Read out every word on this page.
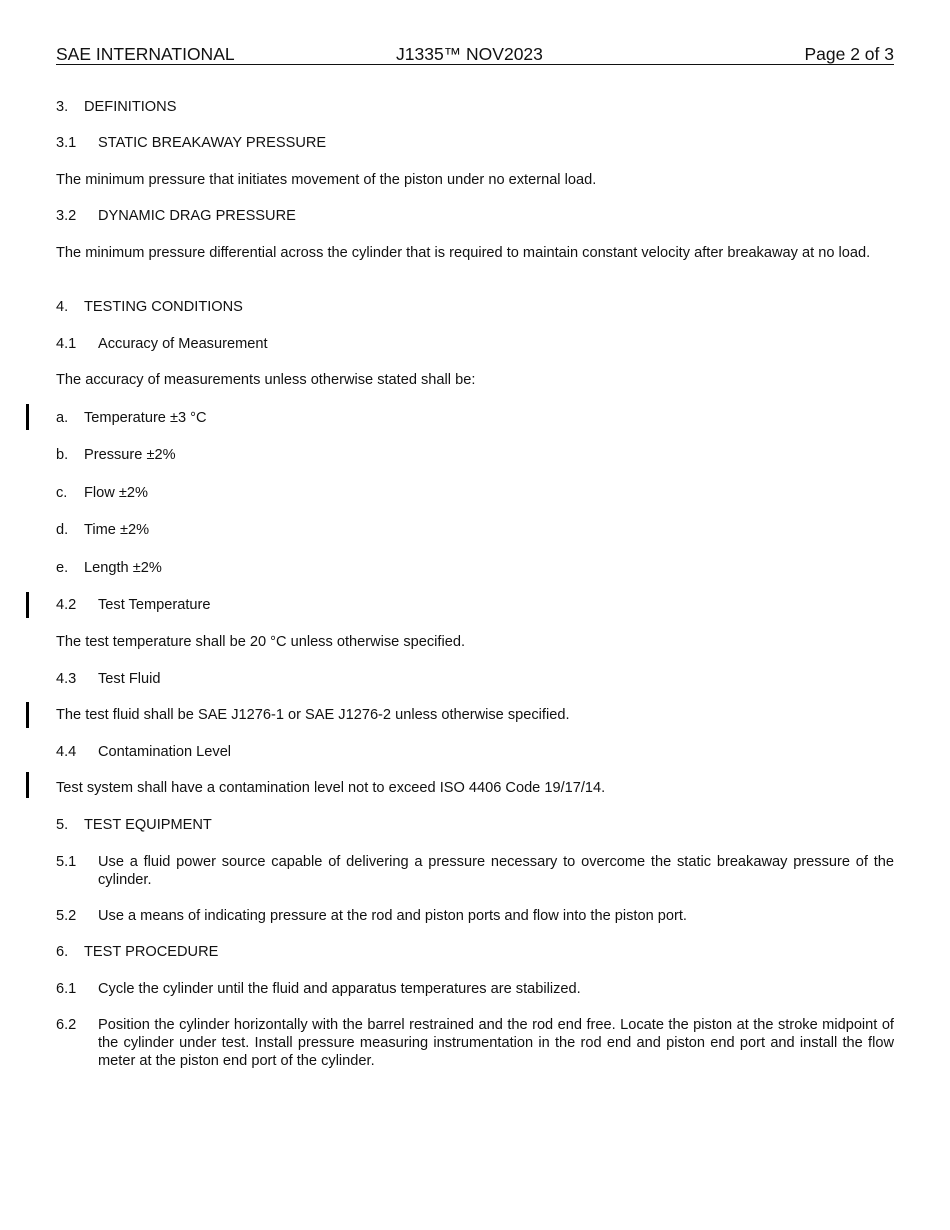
SAE INTERNATIONAL	J1335™ NOV2023	Page 2 of 3
3. DEFINITIONS
3.1 STATIC BREAKAWAY PRESSURE

The minimum pressure that initiates movement of the piston under no external load.

3.2 DYNAMIC DRAG PRESSURE

The minimum pressure differential across the cylinder that is required to maintain constant velocity after breakaway at no load.

4. TESTING CONDITIONS
4.1 Accuracy of Measurement

The accuracy of measurements unless otherwise stated shall be:

a. Temperature ±3 °C
b. Pressure ±2%
c. Flow ±2%
d. Time ±2%
e. Length ±2%
4.2 Test Temperature

The test temperature shall be 20 °C unless otherwise specified.

4.3 Test Fluid

The test fluid shall be SAE J1276-1 or SAE J1276-2 unless otherwise specified.

4.4 Contamination Level

Test system shall have a contamination level not to exceed ISO 4406 Code 19/17/14.

5. TEST EQUIPMENT
5.1 Use a fluid power source capable of delivering a pressure necessary to overcome the static breakaway pressure of the cylinder.
5.2 Use a means of indicating pressure at the rod and piston ports and flow into the piston port.
6. TEST PROCEDURE
6.1 Cycle the cylinder until the fluid and apparatus temperatures are stabilized.
6.2 Position the cylinder horizontally with the barrel restrained and the rod end free. Locate the piston at the stroke midpoint of the cylinder under test. Install pressure measuring instrumentation in the rod end and piston end port and install the flow meter at the piston end port of the cylinder.
